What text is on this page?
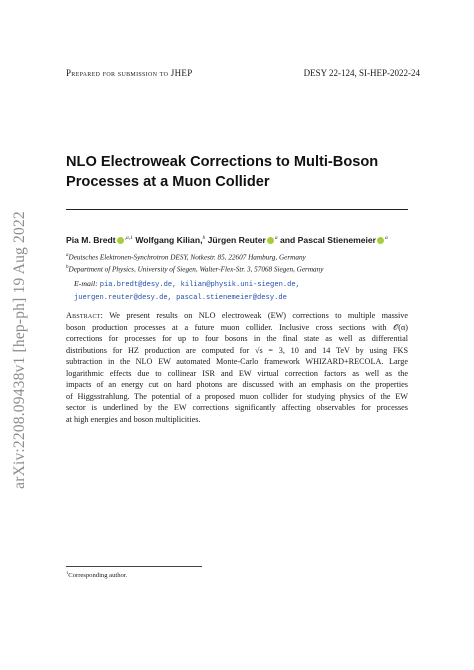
arXiv:2208.09438v1 [hep-ph] 19 Aug 2022
Prepared for submission to JHEP	DESY 22-124, SI-HEP-2022-24
NLO Electroweak Corrections to Multi-Boson
Processes at a Muon Collider
Pia M. Bredt $^{,a,1}$ Wolfgang Kilian,$^b$ Jürgen Reuter $^a$ and Pascal Stienemeier $^a$
$^a$Deutsches Elektronen-Synchrotron DESY, Notkestr. 85, 22607 Hamburg, Germany
$^b$Department of Physics, University of Siegen, Walter-Flex-Str. 3, 57068 Siegen, Germany
E-mail: pia.bredt@desy.de, kilian@physik.uni-siegen.de,
juergen.reuter@desy.de, pascal.stienemeier@desy.de
Abstract: We present results on NLO electroweak (EW) corrections to multiple massive
boson production processes at a future muon collider. Inclusive cross sections with 𝒪(α)
corrections for processes for up to four bosons in the final state as well as differential
distributions for HZ production are computed for √s = 3, 10 and 14 TeV by using FKS
subtraction in the NLO EW automated Monte-Carlo framework WHIZARD+RECOLA. Large
logarithmic effects due to collinear ISR and EW virtual correction factors as well as the
impacts of an energy cut on hard photons are discussed with an emphasis on the properties
of Higgsstrahlung. The potential of a proposed muon collider for studying physics of the EW
sector is underlined by the EW corrections significantly affecting observables for processes
at high energies and boson multiplicities.
$^1$Corresponding author.
